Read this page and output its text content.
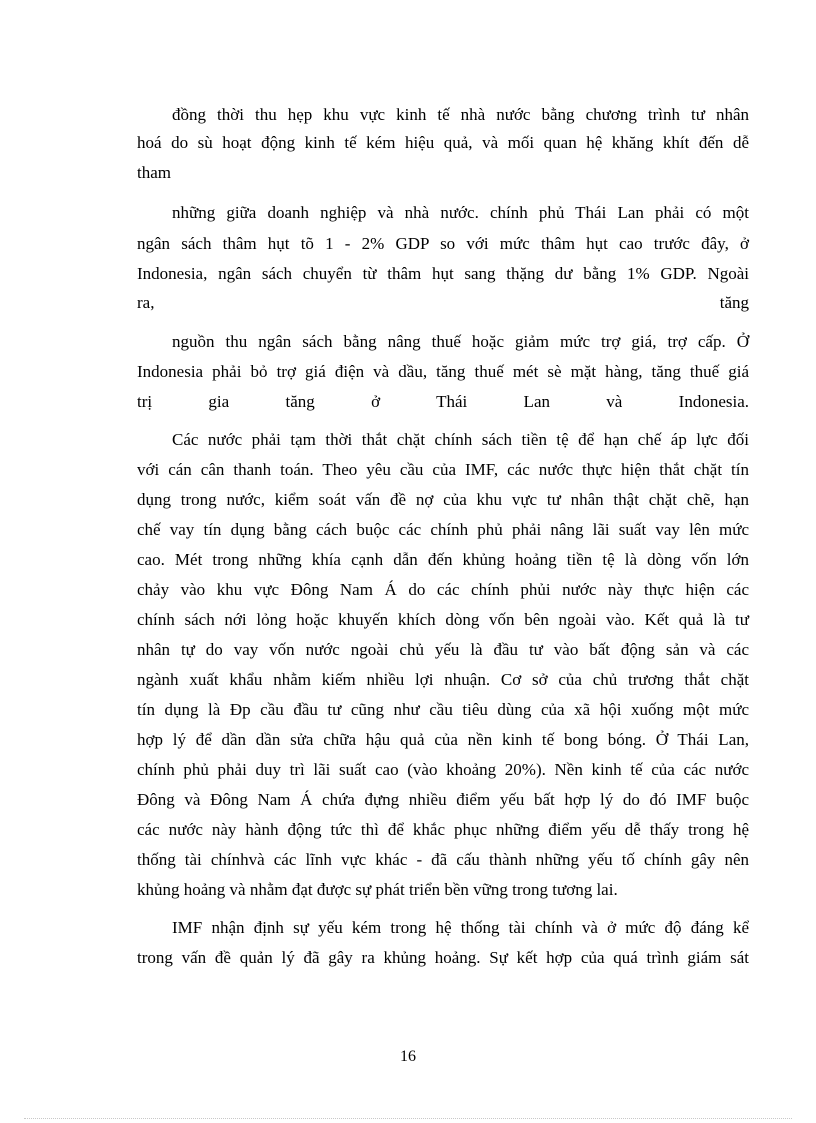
đồng thời thu hẹp khu vực kinh tế nhà nước bằng chương trình tư nhân
hoá do sù hoạt động kinh tế kém hiệu quả, và mối quan hệ khăng khít đến dễ
tham
những giữa doanh nghiệp và nhà nước. chính phủ Thái Lan phải có một
ngân sách thâm hụt tõ 1 - 2% GDP so với mức thâm hụt cao trước đây, ở
Indonesia, ngân sách chuyển từ thâm hụt sang thặng dư bằng 1% GDP. Ngoài
ra, tăng
nguồn thu ngân sách bằng nâng thuế hoặc giảm mức trợ giá, trợ cấp. Ở
Indonesia phải bỏ trợ giá điện và dầu, tăng thuế mét sè mặt hàng, tăng thuế giá
trị gia tăng ở Thái Lan và Indonesia.
Các nước phải tạm thời thắt chặt chính sách tiền tệ để hạn chế áp lực đối
với cán cân thanh toán. Theo yêu cầu của IMF, các nước thực hiện thắt chặt tín
dụng trong nước, kiểm soát vấn đề nợ của khu vực tư nhân thật chặt chẽ, hạn
chế vay tín dụng bằng cách buộc các chính phủ phải nâng lãi suất vay lên mức
cao. Mét trong những khía cạnh dẫn đến khủng hoảng tiền tệ là dòng vốn lớn
chảy vào khu vực Đông Nam Á do các chính phủi nước này thực hiện các
chính sách nới lỏng hoặc khuyến khích dòng vốn bên ngoài vào. Kết quả là tư
nhân tự do vay vốn nước ngoài chủ yếu là đầu tư vào bất động sản và các
ngành xuất khẩu nhằm kiếm nhiều lợi nhuận. Cơ sở của chủ trương thắt chặt
tín dụng là Đp cầu đầu tư cũng như cầu tiêu dùng của xã hội xuống một mức
hợp lý để dần dần sửa chữa hậu quả của nền kinh tế bong bóng. Ở Thái Lan,
chính phủ phải duy trì lãi suất cao (vào khoảng 20%). Nền kinh tế của các nước
Đông và Đông Nam Á chứa đựng nhiều điểm yếu bất hợp lý do đó IMF buộc
các nước này hành động tức thì để khắc phục những điểm yếu dễ thấy trong hệ
thống tài chínhvà các lĩnh vực khác - đã cấu thành những yếu tố chính gây nên
khủng hoảng và nhằm đạt được sự phát triển bền vững trong tương lai.
IMF nhận định sự yếu kém trong hệ thống tài chính và ở mức độ đáng kể
trong vấn đề quản lý đã gây ra khủng hoảng. Sự kết hợp của quá trình giám sát
16
